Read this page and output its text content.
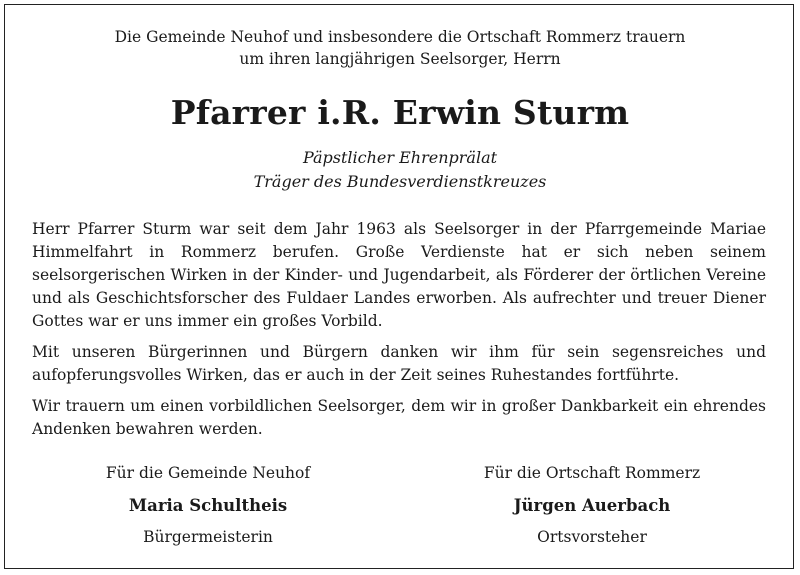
Die Gemeinde Neuhof und insbesondere die Ortschaft Rommerz trauern
um ihren langjährigen Seelsorger, Herrn
Pfarrer i.R. Erwin Sturm
Päpstlicher Ehrenprälat
Träger des Bundesverdienstkreuzes

Herr Pfarrer Sturm war seit dem Jahr 1963 als Seelsorger in der Pfarrgemeinde Mariae Himmelfahrt in Rommerz berufen. Große Verdienste hat er sich neben seinem seelsorgerischen Wirken in der Kinder- und Jugendarbeit, als Förderer der örtlichen Vereine und als Geschichtsforscher des Fuldaer Landes erworben. Als aufrechter und treuer Diener Gottes war er uns immer ein großes Vorbild.

Mit unseren Bürgerinnen und Bürgern danken wir ihm für sein segensreiches und aufopferungsvolles Wirken, das er auch in der Zeit seines Ruhestandes fortführte.

Wir trauern um einen vorbildlichen Seelsorger, dem wir in großer Dankbarkeit ein ehrendes Andenken bewahren werden.

Für die Gemeinde Neuhof
Maria Schultheis
Bürgermeisterin
Für die Ortschaft Rommerz
Jürgen Auerbach
Ortsvorsteher
